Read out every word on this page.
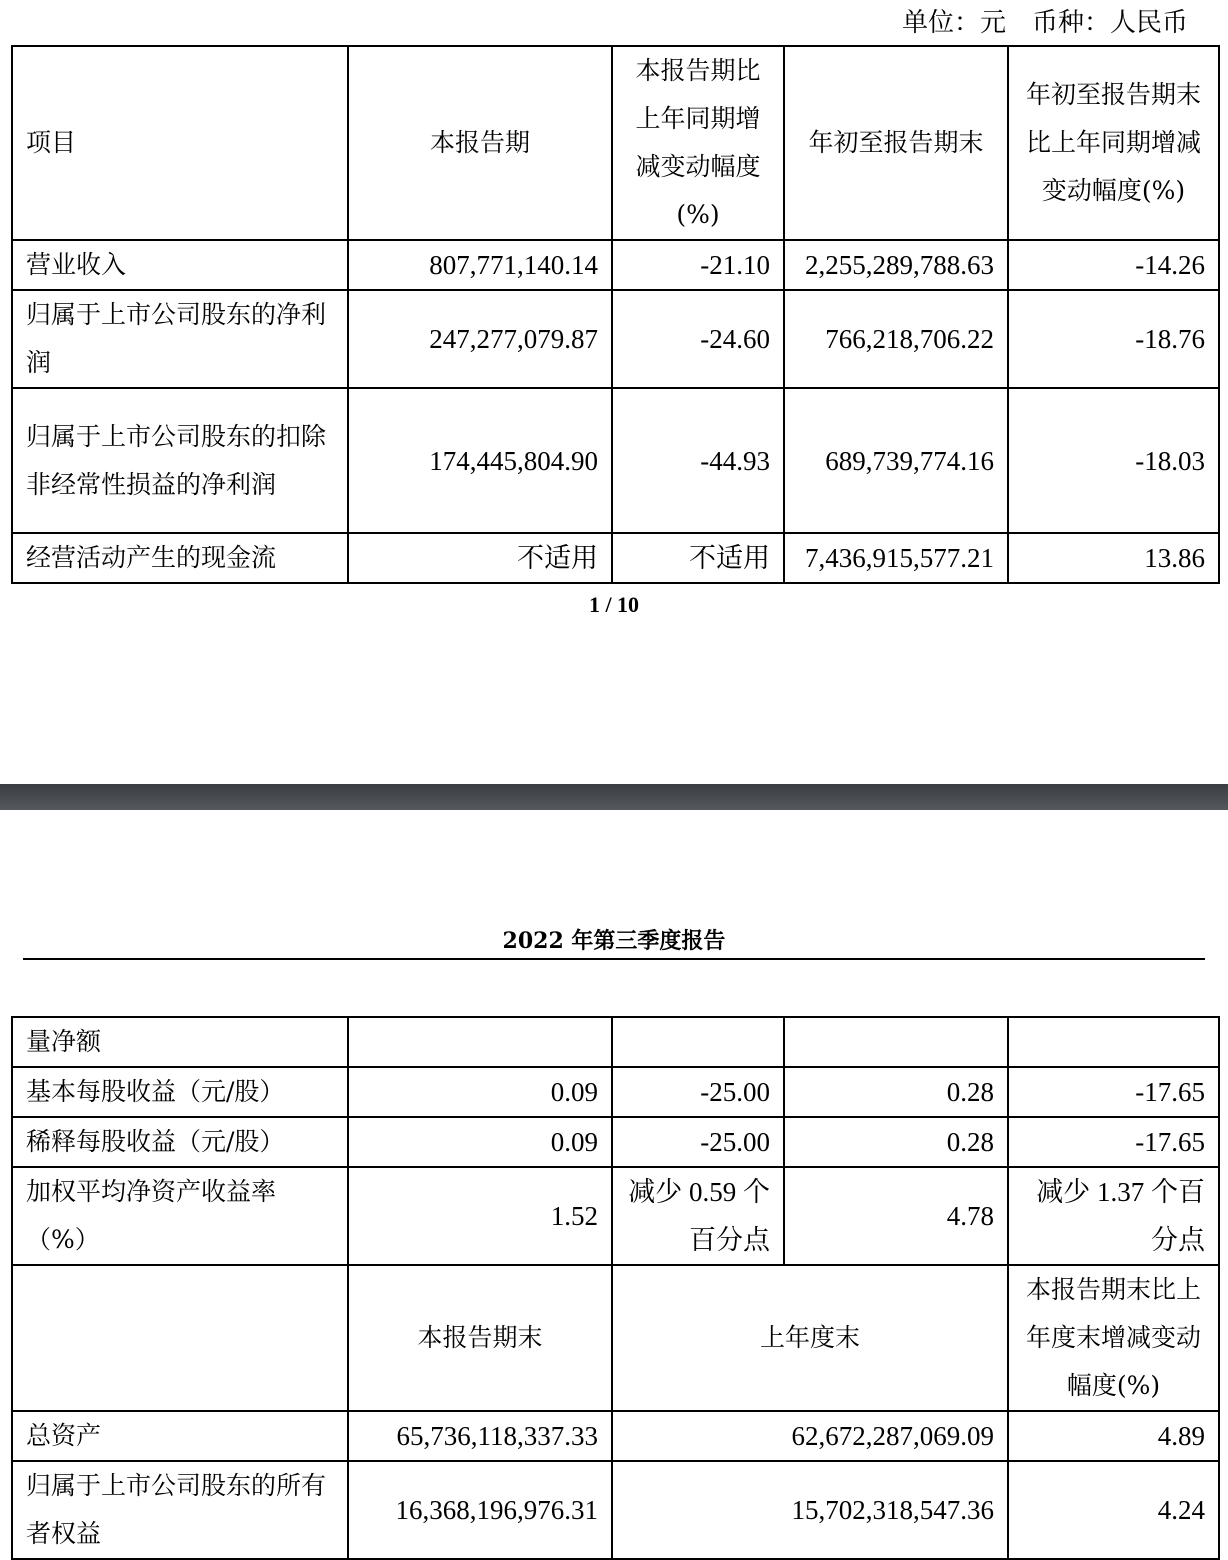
单位：元　币种：人民币
项目	本报告期	本报告期比上年同期增减变动幅度(%)	年初至报告期末	年初至报告期末比上年同期增减变动幅度(%)
营业收入	807,771,140.14	-21.10	2,255,289,788.63	-14.26
归属于上市公司股东的净利润	247,277,079.87	-24.60	766,218,706.22	-18.76
归属于上市公司股东的扣除非经常性损益的净利润	174,445,804.90	-44.93	689,739,774.16	-18.03
经营活动产生的现金流	不适用	不适用	7,436,915,577.21	13.86
1 / 10
2022 年第三季度报告
量净额				
基本每股收益（元/股）	0.09	-25.00	0.28	-17.65
稀释每股收益（元/股）	0.09	-25.00	0.28	-17.65
加权平均净资产收益率（%）	1.52	减少 0.59 个百分点	4.78	减少 1.37 个百分点
	本报告期末	上年度末		本报告期末比上年度末增减变动幅度(%)
总资产	65,736,118,337.33	62,672,287,069.09		4.89
归属于上市公司股东的所有者权益	16,368,196,976.31	15,702,318,547.36		4.24
